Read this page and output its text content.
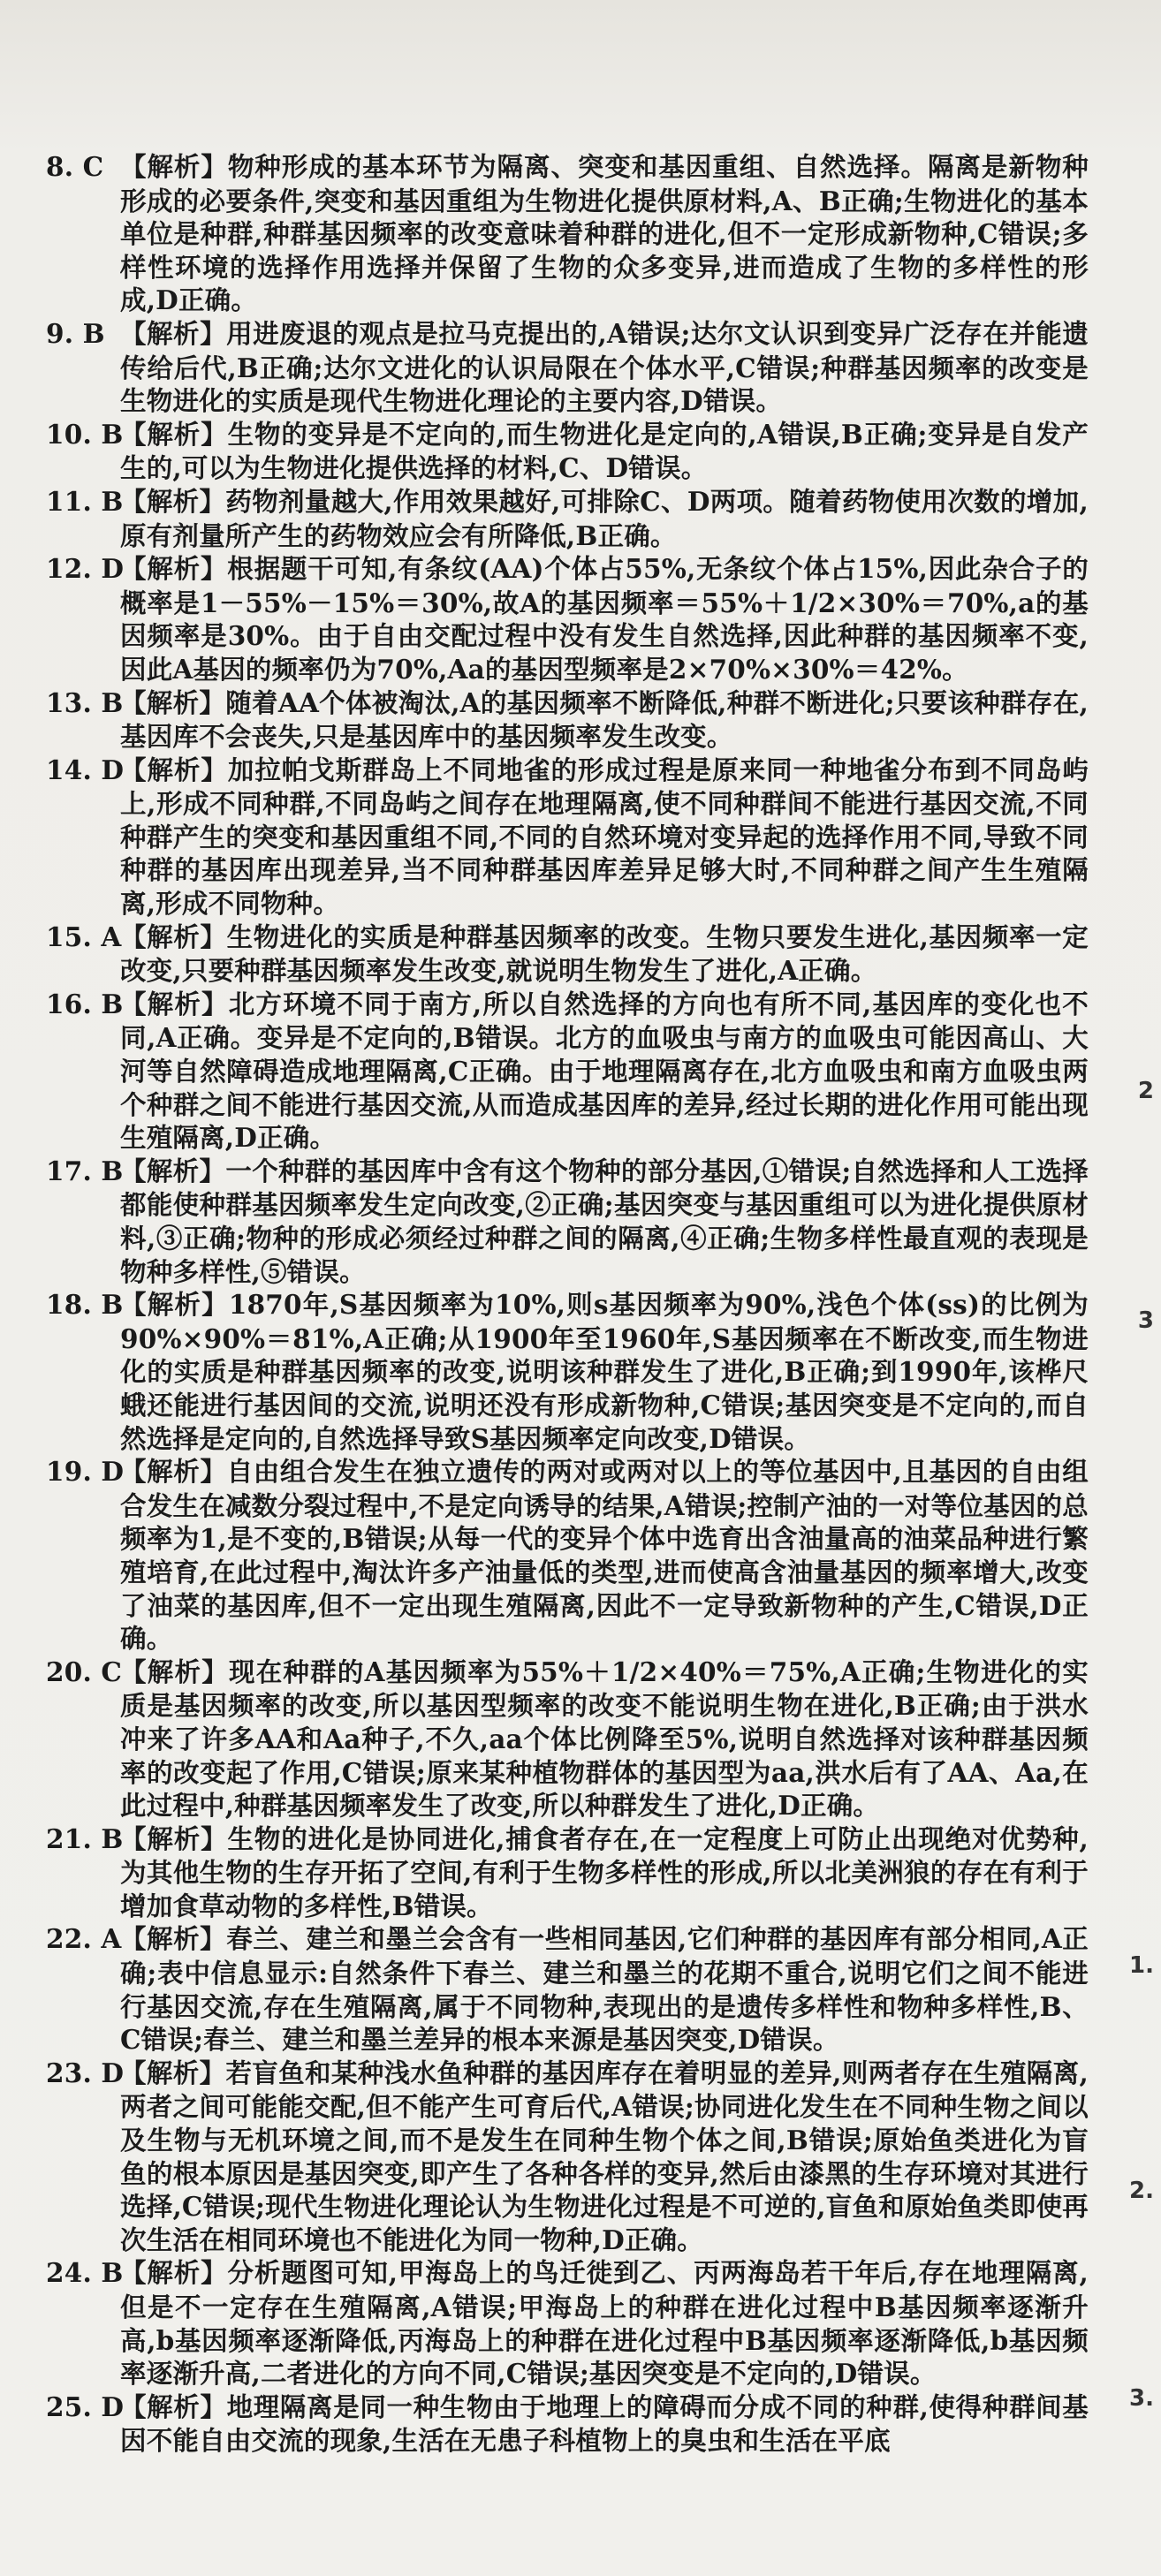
8. C 【解析】物种形成的基本环节为隔离、突变和基因重组、自然选择。隔离是新物种形成的必要条件,突变和基因重组为生物进化提供原材料,A、B正确;生物进化的基本单位是种群,种群基因频率的改变意味着种群的进化,但不一定形成新物种,C错误;多样性环境的选择作用选择并保留了生物的众多变异,进而造成了生物的多样性的形成,D正确。
9. B 【解析】用进废退的观点是拉马克提出的,A错误;达尔文认识到变异广泛存在并能遗传给后代,B正确;达尔文进化的认识局限在个体水平,C错误;种群基因频率的改变是生物进化的实质是现代生物进化理论的主要内容,D错误。
10. B
【解析】生物的变异是不定向的,而生物进化是定向的,A错误,B正确;变异是自发产生的,可以为生物进化提供选择的材料,C、D错误。
11. B
【解析】药物剂量越大,作用效果越好,可排除C、D两项。随着药物使用次数的增加,原有剂量所产生的药物效应会有所降低,B正确。
12. D
【解析】根据题干可知,有条纹(AA)个体占55%,无条纹个体占15%,因此杂合子的概率是1－55%－15%＝30%,故A的基因频率＝55%＋1/2×30%＝70%,a的基因频率是30%。由于自由交配过程中没有发生自然选择,因此种群的基因频率不变,因此A基因的频率仍为70%,Aa的基因型频率是2×70%×30%＝42%。
13. B
【解析】随着AA个体被淘汰,A的基因频率不断降低,种群不断进化;只要该种群存在,基因库不会丧失,只是基因库中的基因频率发生改变。
14. D
【解析】加拉帕戈斯群岛上不同地雀的形成过程是原来同一种地雀分布到不同岛屿上,形成不同种群,不同岛屿之间存在地理隔离,使不同种群间不能进行基因交流,不同种群产生的突变和基因重组不同,不同的自然环境对变异起的选择作用不同,导致不同种群的基因库出现差异,当不同种群基因库差异足够大时,不同种群之间产生生殖隔离,形成不同物种。
15. A
【解析】生物进化的实质是种群基因频率的改变。生物只要发生进化,基因频率一定改变,只要种群基因频率发生改变,就说明生物发生了进化,A正确。
16. B
【解析】北方环境不同于南方,所以自然选择的方向也有所不同,基因库的变化也不同,A正确。变异是不定向的,B错误。北方的血吸虫与南方的血吸虫可能因高山、大河等自然障碍造成地理隔离,C正确。由于地理隔离存在,北方血吸虫和南方血吸虫两个种群之间不能进行基因交流,从而造成基因库的差异,经过长期的进化作用可能出现生殖隔离,D正确。
17. B
【解析】一个种群的基因库中含有这个物种的部分基因,①错误;自然选择和人工选择都能使种群基因频率发生定向改变,②正确;基因突变与基因重组可以为进化提供原材料,③正确;物种的形成必须经过种群之间的隔离,④正确;生物多样性最直观的表现是物种多样性,⑤错误。
18. B
【解析】1870年,S基因频率为10%,则s基因频率为90%,浅色个体(ss)的比例为90%×90%＝81%,A正确;从1900年至1960年,S基因频率在不断改变,而生物进化的实质是种群基因频率的改变,说明该种群发生了进化,B正确;到1990年,该桦尺蛾还能进行基因间的交流,说明还没有形成新物种,C错误;基因突变是不定向的,而自然选择是定向的,自然选择导致S基因频率定向改变,D错误。
19. D
【解析】自由组合发生在独立遗传的两对或两对以上的等位基因中,且基因的自由组合发生在减数分裂过程中,不是定向诱导的结果,A错误;控制产油的一对等位基因的总频率为1,是不变的,B错误;从每一代的变异个体中选育出含油量高的油菜品种进行繁殖培育,在此过程中,淘汰许多产油量低的类型,进而使高含油量基因的频率增大,改变了油菜的基因库,但不一定出现生殖隔离,因此不一定导致新物种的产生,C错误,D正确。
20. C
【解析】现在种群的A基因频率为55%＋1/2×40%＝75%,A正确;生物进化的实质是基因频率的改变,所以基因型频率的改变不能说明生物在进化,B正确;由于洪水冲来了许多AA和Aa种子,不久,aa个体比例降至5%,说明自然选择对该种群基因频率的改变起了作用,C错误;原来某种植物群体的基因型为aa,洪水后有了AA、Aa,在此过程中,种群基因频率发生了改变,所以种群发生了进化,D正确。
21. B
【解析】生物的进化是协同进化,捕食者存在,在一定程度上可防止出现绝对优势种,为其他生物的生存开拓了空间,有利于生物多样性的形成,所以北美洲狼的存在有利于增加食草动物的多样性,B错误。
22. A
【解析】春兰、建兰和墨兰会含有一些相同基因,它们种群的基因库有部分相同,A正确;表中信息显示:自然条件下春兰、建兰和墨兰的花期不重合,说明它们之间不能进行基因交流,存在生殖隔离,属于不同物种,表现出的是遗传多样性和物种多样性,B、C错误;春兰、建兰和墨兰差异的根本来源是基因突变,D错误。
23. D
【解析】若盲鱼和某种浅水鱼种群的基因库存在着明显的差异,则两者存在生殖隔离,两者之间可能能交配,但不能产生可育后代,A错误;协同进化发生在不同种生物之间以及生物与无机环境之间,而不是发生在同种生物个体之间,B错误;原始鱼类进化为盲鱼的根本原因是基因突变,即产生了各种各样的变异,然后由漆黑的生存环境对其进行选择,C错误;现代生物进化理论认为生物进化过程是不可逆的,盲鱼和原始鱼类即使再次生活在相同环境也不能进化为同一物种,D正确。
24. B
【解析】分析题图可知,甲海岛上的鸟迁徙到乙、丙两海岛若干年后,存在地理隔离,但是不一定存在生殖隔离,A错误;甲海岛上的种群在进化过程中B基因频率逐渐升高,b基因频率逐渐降低,丙海岛上的种群在进化过程中B基因频率逐渐降低,b基因频率逐渐升高,二者进化的方向不同,C错误;基因突变是不定向的,D错误。
25. D
【解析】地理隔离是同一种生物由于地理上的障碍而分成不同的种群,使得种群间基因不能自由交流的现象,生活在无患子科植物上的臭虫和生活在平底
2
3
1.
2.
3.
